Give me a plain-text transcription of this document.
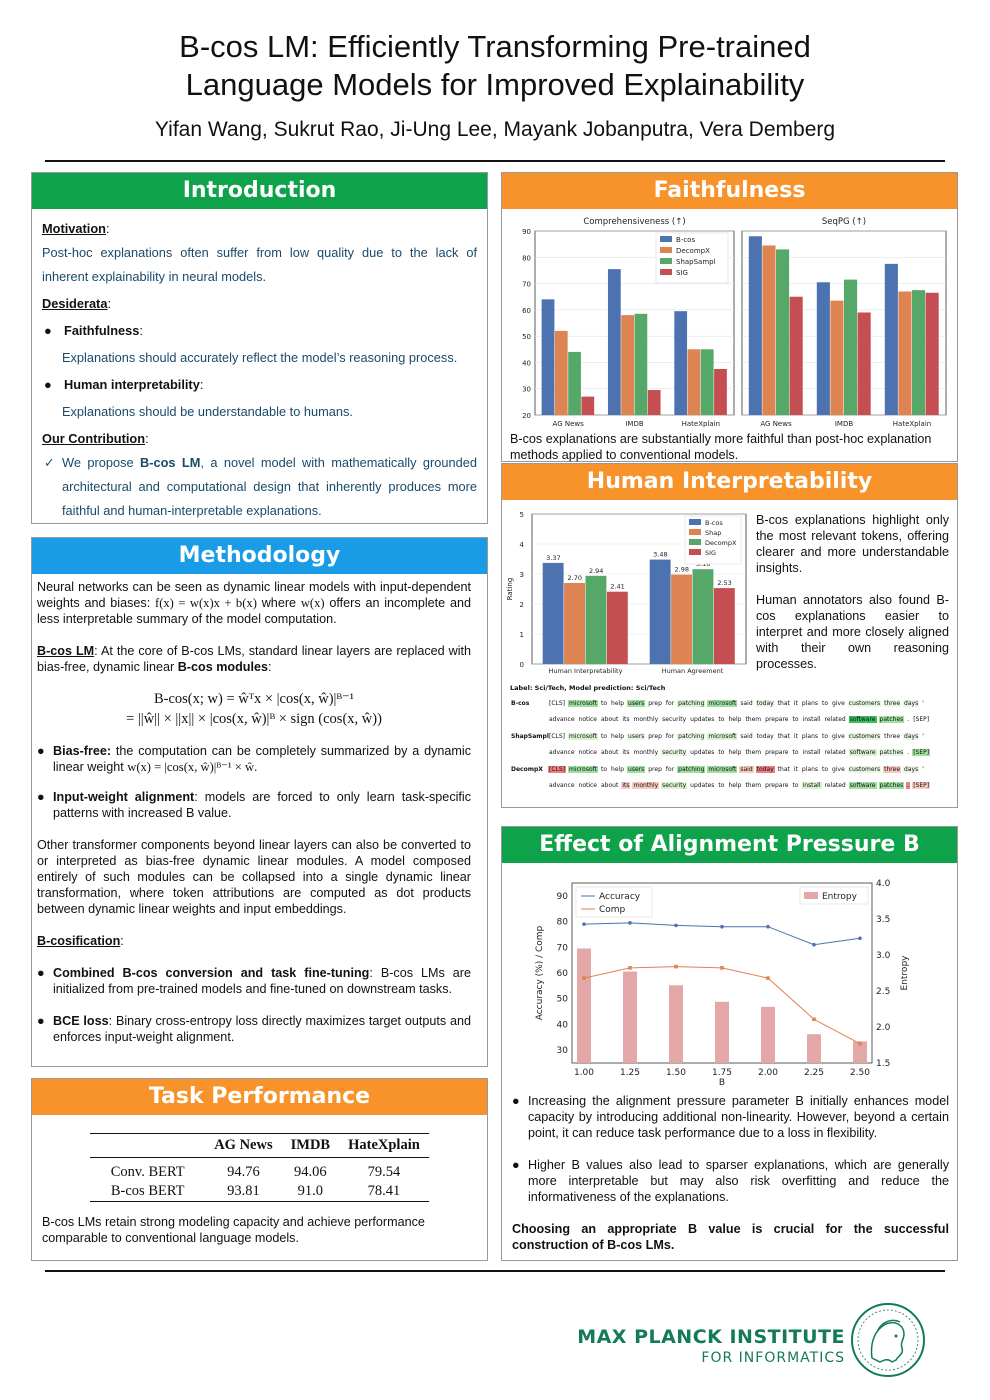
B-cos LM: Efficiently Transforming Pre-trained
Language Models for Improved Explainability
Yifan Wang, Sukrut Rao, Ji-Ung Lee, Mayank Jobanputra, Vera Demberg
Introduction
Motivation:
Post-hoc explanations often suffer from low quality due to the lack of inherent explainability in neural models.
Desiderata:
● Faithfulness:
Explanations should accurately reflect the model’s reasoning process.
● Human interpretability:
Explanations should be understandable to humans.
Our Contribution:
✓ We propose B-cos LM, a novel model with mathematically grounded architectural and computational design that inherently produces more faithful and human-interpretable explanations.
Methodology
Neural networks can be seen as dynamic linear models with input-dependent weights and biases: f(x) = w(x)x + b(x) where w(x) offers an incomplete and less interpretable summary of the model computation.
B-cos LM: At the core of B-cos LMs, standard linear layers are replaced with bias-free, dynamic linear B-cos modules:
B-cos(x; w) = ŵᵀx × |cos(x, ŵ)|ᴮ⁻¹
= ||ŵ|| × ||x|| × |cos(x, ŵ)|ᴮ × sign (cos(x, ŵ))
● Bias-free: the computation can be completely summarized by a dynamic linear weight w(x) = |cos(x, ŵ)|ᴮ⁻¹ × ŵ.
● Input-weight alignment: models are forced to only learn task-specific patterns with increased B value.
Other transformer components beyond linear layers can also be converted to or interpreted as bias-free dynamic linear modules. A model composed entirely of such modules can be collapsed into a single dynamic linear transformation, where token attributions are computed as dot products between dynamic linear weights and input embeddings.
B-cosification:
● Combined B-cos conversion and task fine-tuning: B-cos LMs are initialized from pre-trained models and fine-tuned on downstream tasks.
● BCE loss: Binary cross-entropy loss directly maximizes target outputs and enforces input-weight alignment.
Task Performance
	AG News	IMDB	HateXplain
Conv. BERT	94.76	94.06	79.54
B-cos BERT	93.81	91.0	78.41
B-cos LMs retain strong modeling capacity and achieve performance comparable to conventional language models.
Faithfulness
Comprehensiveness (↑)
20
30
40
50
60
70
80
90
AG News	IMDB	HateXplain
B-cos
DecompX
ShapSampl
SIG
SeqPG (↑)
AG News	IMDB	HateXplain
B-cos explanations are substantially more faithful than post-hoc explanation methods applied to conventional models.
Human Interpretability
0
1
2
3
4
5
Rating
3.37
2.70
2.94
2.41
Human Interpretability
3.48
2.98
2.53
Human Agreement
B-cos
Shap
DecompX
SIG
B-cos explanations highlight only the most relevant tokens, offering clearer and more understandable insights.
Human annotators also found B-cos explanations easier to interpret and more closely aligned with their own reasoning processes.
Label: Sci/Tech, Model prediction: Sci/Tech
B-cos	[CLS] microsoft to help users prep for patching microsoft said today that it plans to give customers three days '
advance notice about its monthly security updates to help them prepare to install related software patches . [SEP]
ShapSampl[CLS] microsoft to help users prep for patching microsoft said today that it plans to give customers three days '
advance notice about its monthly security updates to help them prepare to install related software patches . [SEP]
DecompX [CLS] microsoft to help users prep for patching microsoft said today that it plans to give customers three days '
advance notice about its monthly security updates to help them prepare to install related software patches . [SEP]
Effect of Alignment Pressure B
30
40
50
60
70
80
90
1.5
2.0
2.5
3.0
3.5
4.0
Accuracy (%) / Comp	Entropy
1.00	1.25	1.50	1.75	2.00	2.25	2.50
B
Accuracy
Comp
Entropy
● Increasing the alignment pressure parameter B initially enhances model capacity by introducing additional non-linearity. However, beyond a certain point, it can reduce task performance due to a loss in flexibility.
● Higher B values also lead to sparser explanations, which are generally more interpretable but may also risk overfitting and reduce the informativeness of the explanations.
Choosing an appropriate B value is crucial for the successful construction of B-cos LMs.
MAX PLANCK INSTITUTE
FOR INFORMATICS
